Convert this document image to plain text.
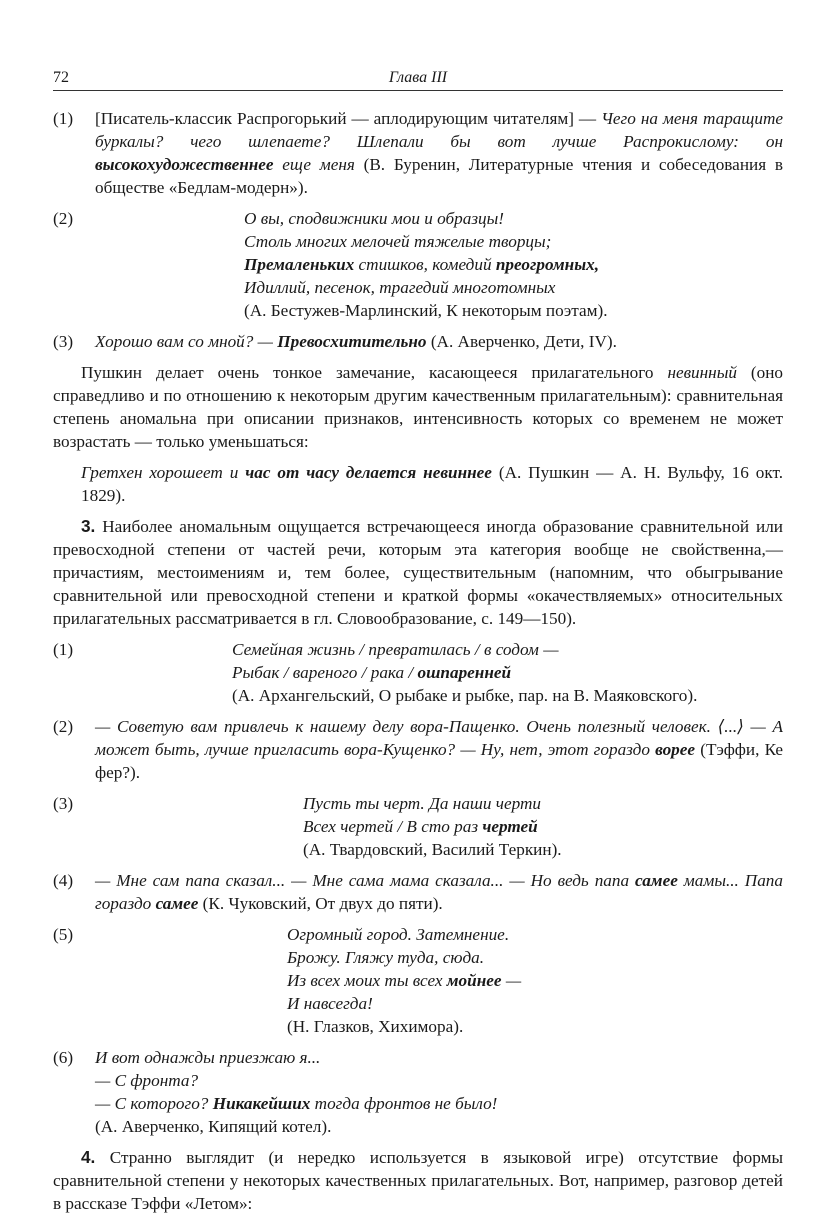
72	Глава III
(1) [Писатель-классик Распрогорький — аплодирующим читателям] — Чего на меня таращите буркалы? чего шлепаете? Шлепали бы вот лучше Распрокислому: он высокохудожественнее еще меня (В. Буренин, Литературные чтения и собеседования в обществе «Бедлам-модерн»).

(2)	О вы, сподвижники мои и образцы!
Столь многих мелочей тяжелые творцы;
Премаленьких стишков, комедий преогромных,
Идиллий, песенок, трагедий многотомных
(А. Бестужев-Марлинский, К некоторым поэтам).
(3) Хорошо вам со мной? — Превосхитительно (А. Аверченко, Дети, IV).

Пушкин делает очень тонкое замечание, касающееся прилагательного невинный (оно справедливо и по отношению к некоторым другим качественным прилагательным): сравнительная степень аномальна при описании признаков, интенсивность которых со временем не может возрастать — только уменьшаться:

Гретхен хорошеет и час от часу делается невиннее (А. Пушкин — А. Н. Вульфу, 16 окт. 1829).

3. Наиболее аномальным ощущается встречающееся иногда образование сравнительной или превосходной степени от частей речи, которым эта категория вообще не свойственна,— причастиям, местоимениям и, тем более, существительным (напомним, что обыгрывание сравнительной или превосходной степени и краткой формы «окачествляемых» относительных прилагательных рассматривается в гл. Словообразование, с. 149—150).

(1)	Семейная жизнь / превратилась / в содом —
Рыбак / вареного / рака / ошпаренней
(А. Архангельский, О рыбаке и рыбке, пар. на В. Маяковского).
(2) — Советую вам привлечь к нашему делу вора-Пащенко. Очень полезный человек. ⟨...⟩ — А может быть, лучше пригласить вора-Кущенко? — Ну, нет, этот гораздо ворее (Тэффи, Ке фер?).

(3)	Пусть ты черт. Да наши черти
Всех чертей / В сто раз чертей
(А. Твардовский, Василий Теркин).
(4) — Мне сам папа сказал... — Мне сама мама сказала... — Но ведь папа самее мамы... Папа гораздо самее (К. Чуковский, От двух до пяти).

(5)	Огромный город. Затемнение.
Брожу. Гляжу туда, сюда.
Из всех моих ты всех мойнее —
И навсегда!
(Н. Глазков, Хихимора).
(6) И вот однажды приезжаю я...
— С фронта?
— С которого? Никакейших тогда фронтов не было!
(А. Аверченко, Кипящий котел).

4. Странно выглядит (и нередко используется в языковой игре) отсутствие формы сравнительной степени у некоторых качественных прилагательных. Вот, например, разговор детей в рассказе Тэффи «Летом»:
